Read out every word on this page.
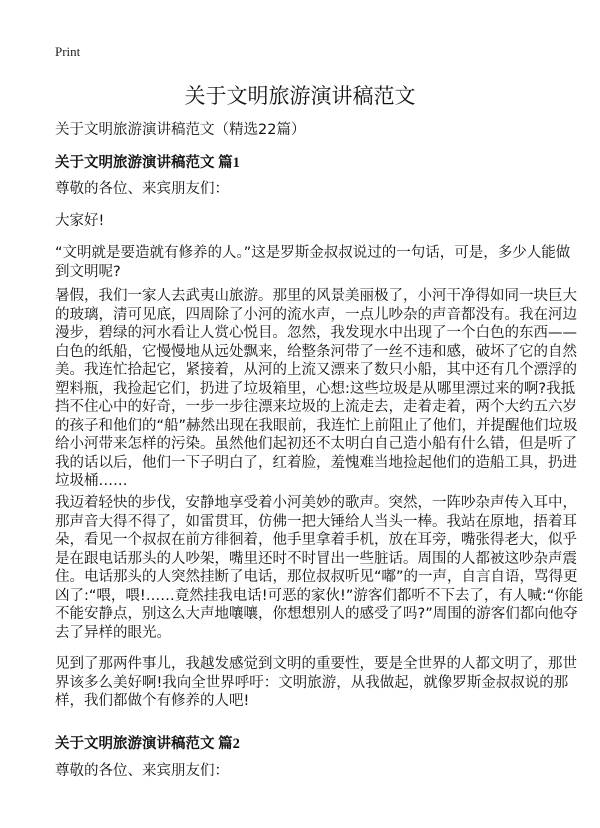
Print
关于文明旅游演讲稿范文
关于文明旅游演讲稿范文（精选22篇）
关于文明旅游演讲稿范文 篇1
尊敬的各位、来宾朋友们：
大家好!
“文明就是要造就有修养的人。”这是罗斯金叔叔说过的一句话，可是，多少人能做
到文明呢?
暑假，我们一家人去武夷山旅游。那里的风景美丽极了，小河干净得如同一块巨大
的玻璃，清可见底，四周除了小河的流水声，一点儿吵杂的声音都没有。我在河边
漫步，碧绿的河水看让人赏心悦目。忽然，我发现水中出现了一个白色的东西——
白色的纸船，它慢慢地从远处飘来，给整条河带了一丝不违和感，破坏了它的自然
美。我连忙拾起它，紧接着，从河的上流又漂来了数只小船，其中还有几个漂浮的
塑料瓶，我捡起它们，扔进了垃圾箱里，心想:这些垃圾是从哪里漂过来的啊?我抵
挡不住心中的好奇，一步一步往漂来垃圾的上流走去，走着走着，两个大约五六岁
的孩子和他们的“船”赫然出现在我眼前，我连忙上前阻止了他们，并提醒他们垃圾
给小河带来怎样的污染。虽然他们起初还不太明白自己造小船有什么错，但是听了
我的话以后，他们一下子明白了，红着脸，羞愧难当地捡起他们的造船工具，扔进
垃圾桶……
我迈着轻快的步伐，安静地享受着小河美妙的歌声。突然，一阵吵杂声传入耳中，
那声音大得不得了，如雷贯耳，仿佛一把大锤给人当头一棒。我站在原地，捂着耳
朵，看见一个叔叔在前方徘徊着，他手里拿着手机，放在耳旁，嘴张得老大，似乎
是在跟电话那头的人吵架，嘴里还时不时冒出一些脏话。周围的人都被这吵杂声震
住。电话那头的人突然挂断了电话，那位叔叔听见“嘟”的一声，自言自语，骂得更
凶了:“喂，喂!……竟然挂我电话!可恶的家伙!”游客们都听不下去了，有人喊:“你能
不能安静点，别这么大声地嚷嚷，你想想别人的感受了吗?”周围的游客们都向他夺
去了异样的眼光。
见到了那两件事儿，我越发感觉到文明的重要性，要是全世界的人都文明了，那世
界该多么美好啊!我向全世界呼吁：文明旅游，从我做起，就像罗斯金叔叔说的那
样，我们都做个有修养的人吧!
关于文明旅游演讲稿范文 篇2
尊敬的各位、来宾朋友们：
